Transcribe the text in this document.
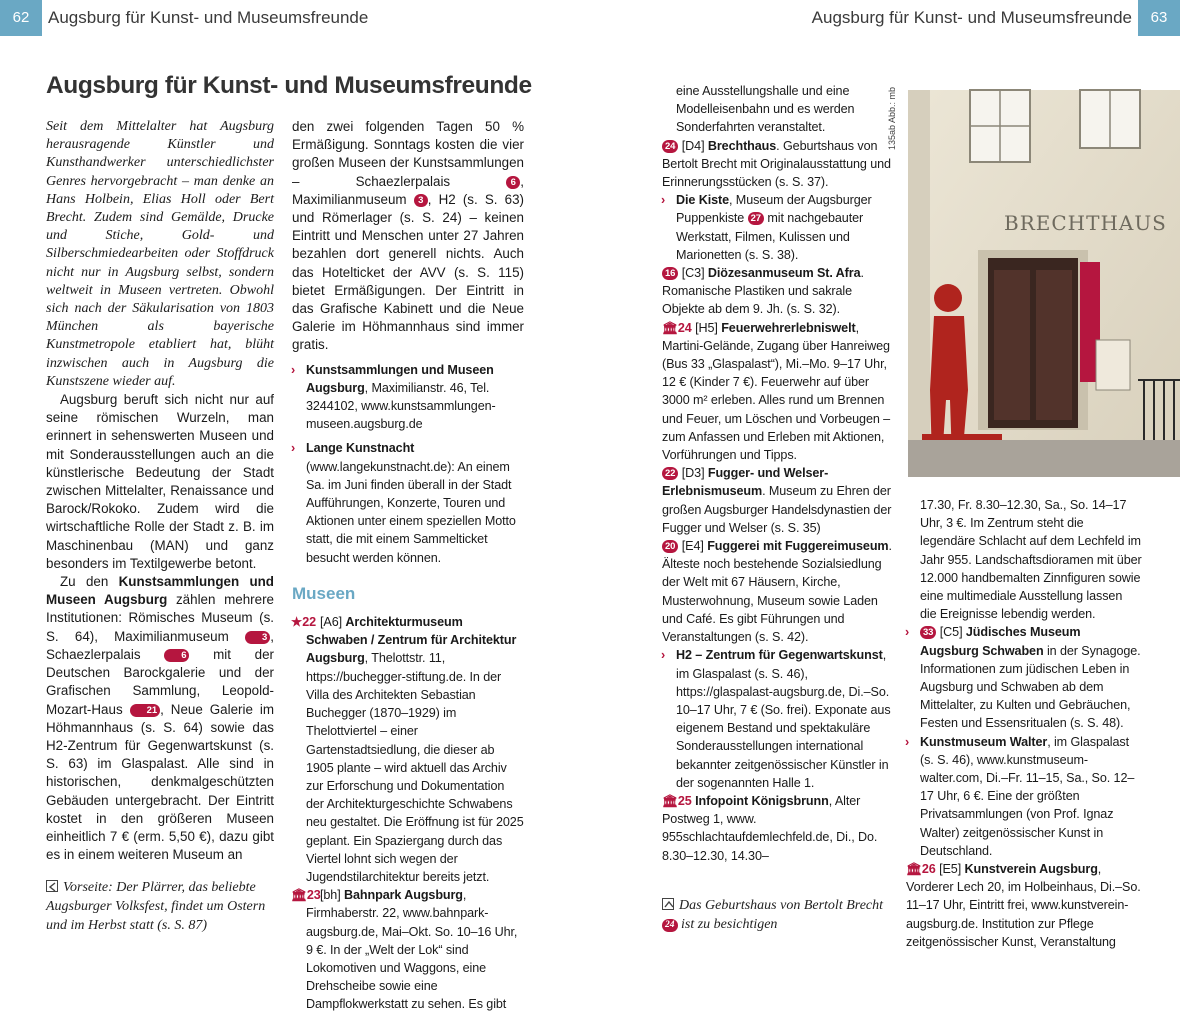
62	Augsburg für Kunst- und Museumsfreunde	Augsburg für Kunst- und Museumsfreunde	63
Augsburg für Kunst- und Museumsfreunde

Seit dem Mittelalter hat Augsburg herausragende Künstler und Kunsthandwerker unterschiedlichster Genres hervorgebracht – man denke an Hans Holbein, Elias Holl oder Bert Brecht. Zudem sind Gemälde, Drucke und Stiche, Gold- und Silberschmiedearbeiten oder Stoffdruck nicht nur in Augsburg selbst, sondern weltweit in Museen vertreten. Obwohl sich nach der Säkularisation von 1803 München als bayerische Kunstmetropole etabliert hat, blüht inzwischen auch in Augsburg die Kunstszene wieder auf.

Augsburg beruft sich nicht nur auf seine römischen Wurzeln, man erinnert in sehenswerten Museen und mit Sonderausstellungen auch an die künstlerische Bedeutung der Stadt zwischen Mittelalter, Renaissance und Barock/Rokoko. Zudem wird die wirtschaftliche Rolle der Stadt z. B. im Maschinenbau (MAN) und ganz besonders im Textilgewerbe betont.

Zu den Kunstsammlungen und Museen Augsburg zählen mehrere Institutionen: Römisches Museum (s. S. 64), Maximilianmuseum 3 , Schaezlerpalais 6 mit der Deutschen Barockgalerie und der Grafischen Sammlung, Leopold-Mozart-Haus 21 , Neue Galerie im Höhmannhaus (s. S. 64) sowie das H2-Zentrum für Gegenwartskunst (s. S. 63) im Glaspalast. Alle sind in historischen, denkmalgeschützten Gebäuden untergebracht. Der Eintritt kostet in den größeren Museen einheitlich 7 € (erm. 5,50 €), dazu gibt es in einem weiteren Museum an

den zwei folgenden Tagen 50 % Ermäßigung. Sonntags kosten die vier großen Museen der Kunstsammlungen – Schaezlerpalais 6 , Maximilianmuseum 3 , H2 (s. S. 63) und Römerlager (s. S. 24) – keinen Eintritt und Menschen unter 27 Jahren bezahlen dort generell nichts. Auch das Hotelticket der AVV (s. S. 115) bietet Ermäßigungen. Der Eintritt in das Grafische Kabinett und die Neue Galerie im Höhmannhaus sind immer gratis.

› Kunstsammlungen und Museen Augsburg, Maximilianstr. 46, Tel. 3244102, www.kunstsammlungen-museen.augsburg.de
› Lange Kunstnacht (www.langekunstnacht.de): An einem Sa. im Juni finden überall in der Stadt Aufführungen, Konzerte, Touren und Aktionen unter einem speziellen Motto statt, die mit einem Sammelticket besucht werden können.
Museen
★22 [A6] Architekturmuseum Schwaben / Zentrum für Architektur Augsburg, Thelottstr. 11, https://buchegger-stiftung.de. In der Villa des Architekten Sebastian Buchegger (1870–1929) im Thelottviertel – einer Gartenstadtsiedlung, die dieser ab 1905 plante – wird aktuell das Archiv zur Erforschung und Dokumentation der Architekturgeschichte Schwabens neu gestaltet. Die Eröffnung ist für 2025 geplant. Ein Spaziergang durch das Viertel lohnt sich wegen der Jugendstilarchitektur bereits jetzt.
🏛23 [bh] Bahnpark Augsburg, Firmhaberstr. 22, www.bahnpark-augsburg.de, Mai–Okt. So. 10–16 Uhr, 9 €. In der „Welt der Lok“ sind Lokomotiven und Waggons, eine Drehscheibe sowie eine Dampflokwerkstatt zu sehen. Es gibt
eine Ausstellungshalle und eine Modelleisenbahn und es werden Sonderfahrten veranstaltet.
24 [D4] Brechthaus. Geburtshaus von Bertolt Brecht mit Originalausstattung und Erinnerungsstücken (s. S. 37).
› Die Kiste, Museum der Augsburger Puppenkiste 27 mit nachgebauter Werkstatt, Filmen, Kulissen und Marionetten (s. S. 38).
16 [C3] Diözesanmuseum St. Afra. Romanische Plastiken und sakrale Objekte ab dem 9. Jh. (s. S. 32).
🏛24 [H5] Feuerwehrerlebniswelt, Martini-Gelände, Zugang über Hanreiweg (Bus 33 „Glaspalast“), Mi.–Mo. 9–17 Uhr, 12 € (Kinder 7 €). Feuerwehr auf über 3000 m² erleben. Alles rund um Brennen und Feuer, um Löschen und Vorbeugen – zum Anfassen und Erleben mit Aktionen, Vorführungen und Tipps.
22 [D3] Fugger- und Welser-Erlebnismuseum. Museum zu Ehren der großen Augsburger Handelsdynastien der Fugger und Welser (s. S. 35)
20 [E4] Fuggerei mit Fuggereimuseum. Älteste noch bestehende Sozialsiedlung der Welt mit 67 Häusern, Kirche, Musterwohnung, Museum sowie Laden und Café. Es gibt Führungen und Veranstaltungen (s. S. 42).
› H2 – Zentrum für Gegenwartskunst, im Glaspalast (s. S. 46), https://glaspalast-augsburg.de, Di.–So. 10–17 Uhr, 7 € (So. frei). Exponate aus eigenem Bestand und spektakuläre Sonderausstellungen international bekannter zeitgenössischer Künstler in der sogenannten Halle 1.
🏛25 Infopoint Königsbrunn, Alter Postweg 1, www. 955schlachtaufdemlechfeld.de, Di., Do. 8.30–12.30, 14.30–
BRECHTHAUS
135ab Abb.: mb
17.30, Fr. 8.30–12.30, Sa., So. 14–17 Uhr, 3 €. Im Zentrum steht die legendäre Schlacht auf dem Lechfeld im Jahr 955. Landschaftsdioramen mit über 12.000 handbemalten Zinnfiguren sowie eine multimediale Ausstellung lassen die Ereignisse lebendig werden.
› 33 [C5] Jüdisches Museum Augsburg Schwaben in der Synagoge. Informationen zum jüdischen Leben in Augsburg und Schwaben ab dem Mittelalter, zu Kulten und Gebräuchen, Festen und Essensritualen (s. S. 48).
› Kunstmuseum Walter, im Glaspalast (s. S. 46), www.kunstmuseum-walter.com, Di.–Fr. 11–15, Sa., So. 12–17 Uhr, 6 €. Eine der größten Privatsammlungen (von Prof. Ignaz Walter) zeitgenössischer Kunst in Deutschland.
🏛26 [E5] Kunstverein Augsburg, Vorderer Lech 20, im Holbeinhaus, Di.–So. 11–17 Uhr, Eintritt frei, www.kunstverein-augsburg.de. Institution zur Pflege zeitgenössischer Kunst, Veranstaltung
Vorseite: Der Plärrer, das beliebte Augsburger Volksfest, findet um Ostern und im Herbst statt (s. S. 87)
Das Geburtshaus von Bertolt Brecht 24 ist zu besichtigen
